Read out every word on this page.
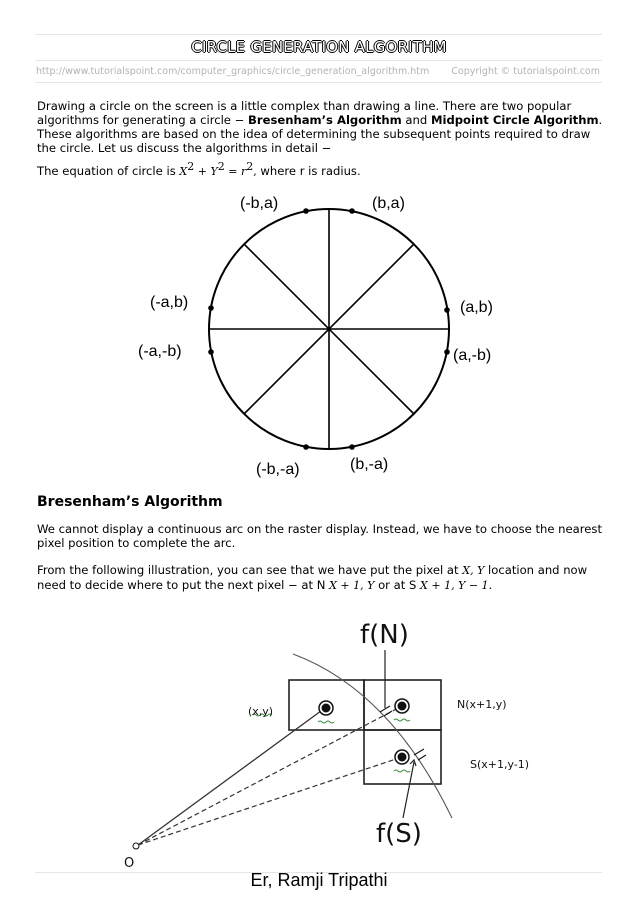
CIRCLE GENERATION ALGORITHM
http://www.tutorialspoint.com/computer_graphics/circle_generation_algorithm.htm Copyright © tutorialspoint.com
Drawing a circle on the screen is a little complex than drawing a line. There are two popular algorithms for generating a circle − Bresenham’s Algorithm and Midpoint Circle Algorithm. These algorithms are based on the idea of determining the subsequent points required to draw the circle. Let us discuss the algorithms in detail −
The equation of circle is $X^2 + Y^2 = r^2$, where r is radius.
(-b,a)	(b,a)
(a,b)
(a,-b)
(-a,b)
(-a,-b)
(-b,-a)	(b,-a)
Bresenham’s Algorithm
We cannot display a continuous arc on the raster display. Instead, we have to choose the nearest pixel position to complete the arc.
From the following illustration, you can see that we have put the pixel at X, Y location and now need to decide where to put the next pixel − at N X + 1, Y or at S X + 1, Y − 1.
f(N)
f(S)
(x,y)
N(x+1,y)
S(x+1,y-1)
O
Er, Ramji Tripathi
